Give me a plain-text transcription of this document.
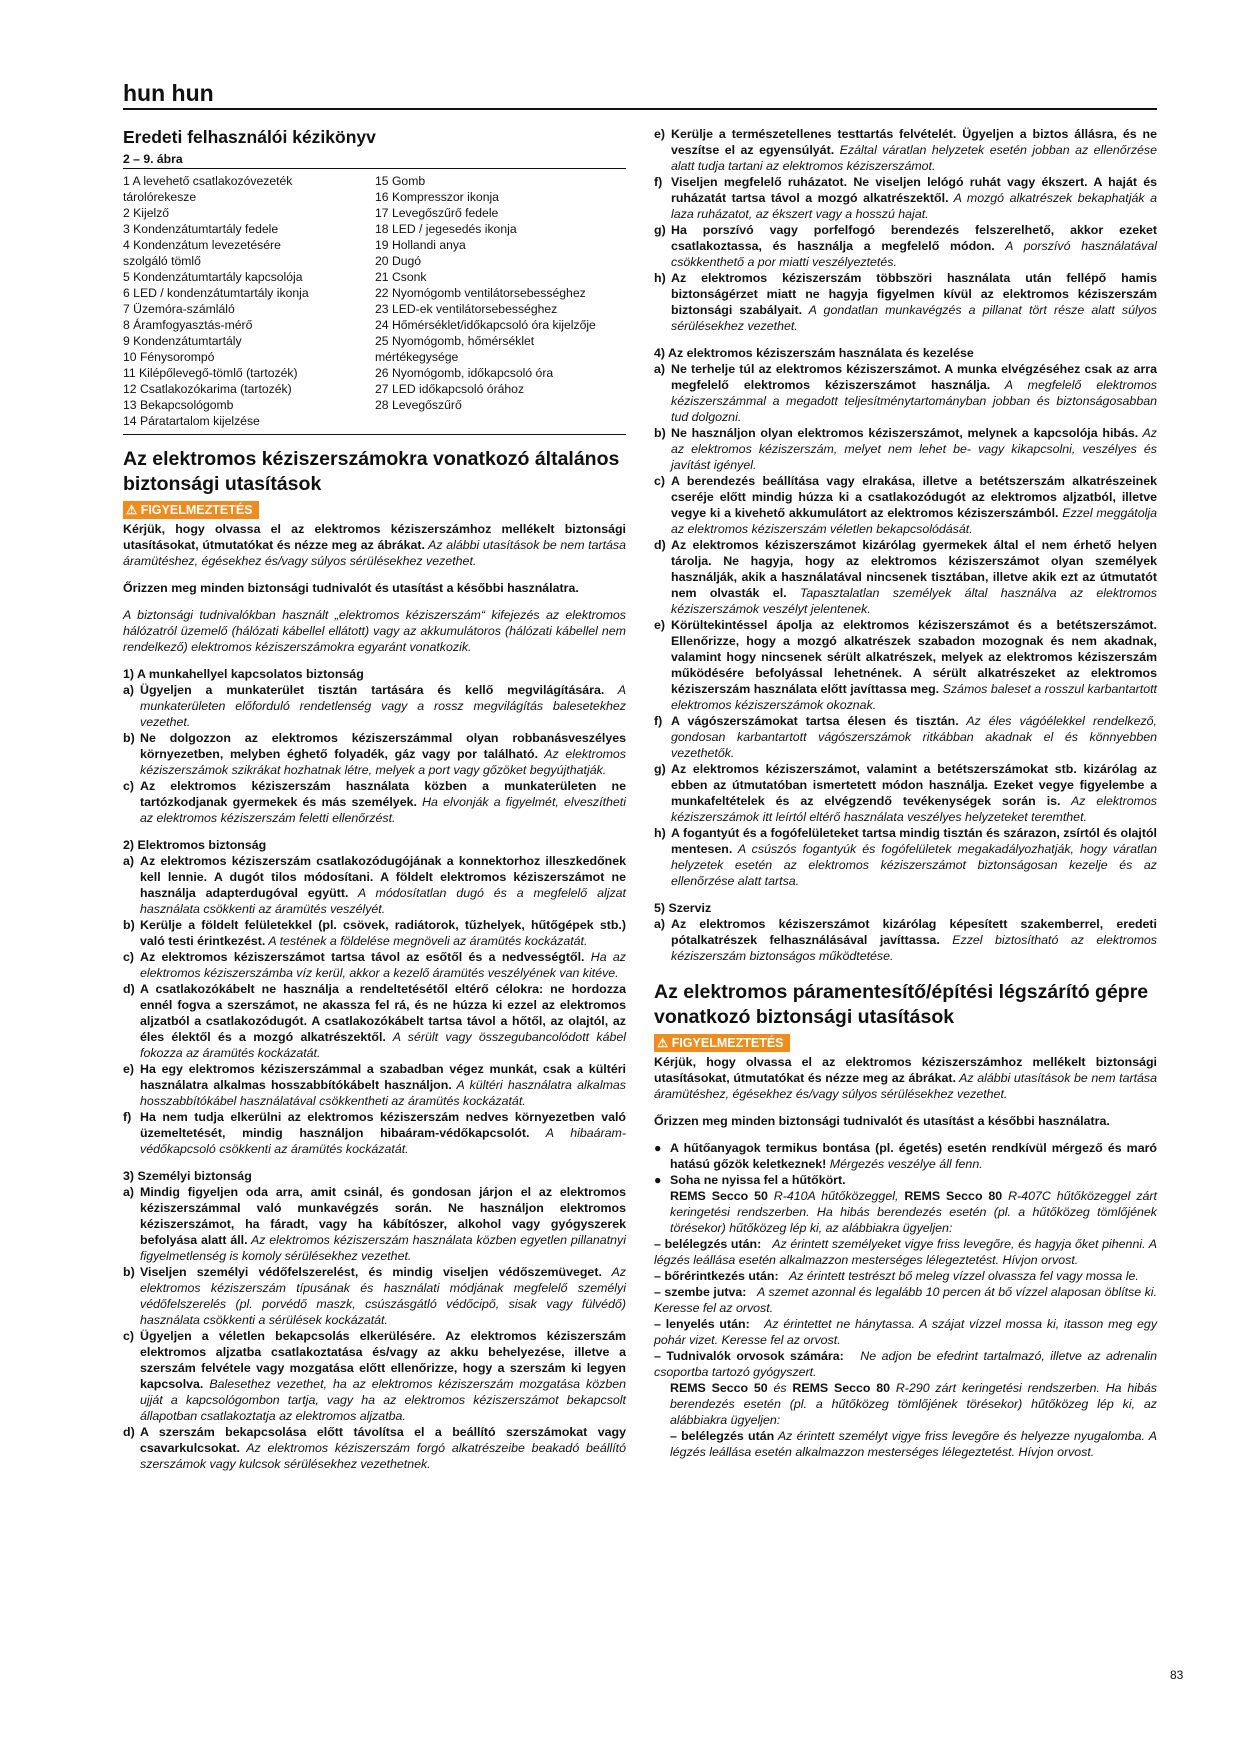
hun hun
Eredeti felhasználói kézikönyv
2 – 9. ábra
1 A levehető csatlakozóvezeték
tárolórekesze
2 Kijelző
3 Kondenzátumtartály fedele
4 Kondenzátum levezetésére
szolgáló tömlő
5 Kondenzátumtartály kapcsolója
6 LED / kondenzátumtartály ikonja
7 Üzemóra-számláló
8 Áramfogyasztás-mérő
9 Kondenzátumtartály
10 Fénysorompó
11 Kilépőlevegő-tömlő (tartozék)
12 Csatlakozókarima (tartozék)
13 Bekapcsológomb
14 Páratartalom kijelzése
15 Gomb
16 Kompresszor ikonja
17 Levegőszűrő fedele
18 LED / jegesedés ikonja
19 Hollandi anya
20 Dugó
21 Csonk
22 Nyomógomb ventilátorsebességhez
23 LED-ek ventilátorsebességhez
24 Hőmérséklet/időkapcsoló óra kijelzője
25 Nyomógomb, hőmérséklet
mértékegysége
26 Nyomógomb, időkapcsoló óra
27 LED időkapcsoló órához
28 Levegőszűrő
Az elektromos kéziszerszámokra vonatkozó általános biztonsági utasítások
⚠ FIGYELMEZTETÉS

Kérjük, hogy olvassa el az elektromos kéziszerszámhoz mellékelt biztonsági utasításokat, útmutatókat és nézze meg az ábrákat. Az alábbi utasítások be nem tartása áramütéshez, égésekhez és/vagy súlyos sérülésekhez vezethet.

Őrizzen meg minden biztonsági tudnivalót és utasítást a későbbi használatra.

A biztonsági tudnivalókban használt „elektromos kéziszerszám“ kifejezés az elektromos hálózatról üzemelő (hálózati kábellel ellátott) vagy az akkumulátoros (hálózati kábellel nem rendelkező) elektromos kéziszerszámokra egyaránt vonatkozik.

1) A munkahellyel kapcsolatos biztonság

a) Ügyeljen a munkaterület tisztán tartására és kellő megvilágítására. A munkaterületen előforduló rendetlenség vagy a rossz megvilágítás balesetekhez vezethet.

b) Ne dolgozzon az elektromos kéziszerszámmal olyan robbanásveszélyes környezetben, melyben éghető folyadék, gáz vagy por található. Az elektromos kéziszerszámok szikrákat hozhatnak létre, melyek a port vagy gőzöket begyújthatják.

c) Az elektromos kéziszerszám használata közben a munkaterületen ne tartózkodjanak gyermekek és más személyek. Ha elvonják a figyelmét, elveszítheti az elektromos kéziszerszám feletti ellenőrzést.

2) Elektromos biztonság

a) Az elektromos kéziszerszám csatlakozódugójának a konnektorhoz illeszkedőnek kell lennie. A dugót tilos módosítani. A földelt elektromos kéziszerszámot ne használja adapterdugóval együtt. A módosítatlan dugó és a megfelelő aljzat használata csökkenti az áramütés veszélyét.

b) Kerülje a földelt felületekkel (pl. csövek, radiátorok, tűzhelyek, hűtőgépek stb.) való testi érintkezést. A testének a földelése megnöveli az áramütés kockázatát.

c) Az elektromos kéziszerszámot tartsa távol az esőtől és a nedvességtől. Ha az elektromos kéziszerszámba víz kerül, akkor a kezelő áramütés veszélyének van kitéve.

d) A csatlakozókábelt ne használja a rendeltetésétől eltérő célokra: ne hordozza ennél fogva a szerszámot, ne akassza fel rá, és ne húzza ki ezzel az elektromos aljzatból a csatlakozódugót. A csatlakozókábelt tartsa távol a hőtől, az olajtól, az éles élektől és a mozgó alkatrészektől. A sérült vagy összegubancolódott kábel fokozza az áramütés kockázatát.

e) Ha egy elektromos kéziszerszámmal a szabadban végez munkát, csak a kültéri használatra alkalmas hosszabbítókábelt használjon. A kültéri használatra alkalmas hosszabbítókábel használatával csökkentheti az áramütés kockázatát.

f) Ha nem tudja elkerülni az elektromos kéziszerszám nedves környezetben való üzemeltetését, mindig használjon hibaáram-védőkapcsolót. A hibaáram-védőkapcsoló csökkenti az áramütés kockázatát.

3) Személyi biztonság

a) Mindig figyeljen oda arra, amit csinál, és gondosan járjon el az elektromos kéziszerszámmal való munkavégzés során. Ne használjon elektromos kéziszerszámot, ha fáradt, vagy ha kábítószer, alkohol vagy gyógyszerek befolyása alatt áll. Az elektromos kéziszerszám használata közben egyetlen pillanatnyi figyelmetlenség is komoly sérülésekhez vezethet.

b) Viseljen személyi védőfelszerelést, és mindig viseljen védőszemüveget. Az elektromos kéziszerszám típusának és használati módjának megfelelő személyi védőfelszerelés (pl. porvédő maszk, csúszásgátló védőcipő, sisak vagy fülvédő) használata csökkenti a sérülések kockázatát.

c) Ügyeljen a véletlen bekapcsolás elkerülésére. Az elektromos kéziszerszám elektromos aljzatba csatlakoztatása és/vagy az akku behelyezése, illetve a szerszám felvétele vagy mozgatása előtt ellenőrizze, hogy a szerszám ki legyen kapcsolva. Balesethez vezethet, ha az elektromos kéziszerszám mozgatása közben ujját a kapcsológombon tartja, vagy ha az elektromos kéziszerszámot bekapcsolt állapotban csatlakoztatja az elektromos aljzatba.

d) A szerszám bekapcsolása előtt távolítsa el a beállító szerszámokat vagy csavarkulcsokat. Az elektromos kéziszerszám forgó alkatrészeibe beakadó beállító szerszámok vagy kulcsok sérülésekhez vezethetnek.

e) Kerülje a természetellenes testtartás felvételét. Ügyeljen a biztos állásra, és ne veszítse el az egyensúlyát. Ezáltal váratlan helyzetek esetén jobban az ellenőrzése alatt tudja tartani az elektromos kéziszerszámot.

f) Viseljen megfelelő ruházatot. Ne viseljen lelógó ruhát vagy ékszert. A haját és ruházatát tartsa távol a mozgó alkatrészektől. A mozgó alkatrészek bekaphatják a laza ruházatot, az ékszert vagy a hosszú hajat.

g) Ha porszívó vagy porfelfogó berendezés felszerelhető, akkor ezeket csatlakoztassa, és használja a megfelelő módon. A porszívó használatával csökkenthető a por miatti veszélyeztetés.

h) Az elektromos kéziszerszám többszöri használata után fellépő hamis biztonságérzet miatt ne hagyja figyelmen kívül az elektromos kéziszerszám biztonsági szabályait. A gondatlan munkavégzés a pillanat tört része alatt súlyos sérülésekhez vezethet.

4) Az elektromos kéziszerszám használata és kezelése

a) Ne terhelje túl az elektromos kéziszerszámot. A munka elvégzéséhez csak az arra megfelelő elektromos kéziszerszámot használja. A megfelelő elektromos kéziszerszámmal a megadott teljesítménytartományban jobban és biztonságosabban tud dolgozni.

b) Ne használjon olyan elektromos kéziszerszámot, melynek a kapcsolója hibás. Az az elektromos kéziszerszám, melyet nem lehet be- vagy kikapcsolni, veszélyes és javítást igényel.

c) A berendezés beállítása vagy elrakása, illetve a betétszerszám alkatrészeinek cseréje előtt mindig húzza ki a csatlakozódugót az elektromos aljzatból, illetve vegye ki a kivehető akkumulátort az elektromos kéziszerszámból. Ezzel meggátolja az elektromos kéziszerszám véletlen bekapcsolódását.

d) Az elektromos kéziszerszámot kizárólag gyermekek által el nem érhető helyen tárolja. Ne hagyja, hogy az elektromos kéziszerszámot olyan személyek használják, akik a használatával nincsenek tisztában, illetve akik ezt az útmutatót nem olvasták el. Tapasztalatlan személyek által használva az elektromos kéziszerszámok veszélyt jelentenek.

e) Körültekintéssel ápolja az elektromos kéziszerszámot és a betétszerszámot. Ellenőrizze, hogy a mozgó alkatrészek szabadon mozognak és nem akadnak, valamint hogy nincsenek sérült alkatrészek, melyek az elektromos kéziszerszám működésére befolyással lehetnének. A sérült alkatrészeket az elektromos kéziszerszám használata előtt javíttassa meg. Számos baleset a rosszul karbantartott elektromos kéziszerszámok okoznak.

f) A vágószerszámokat tartsa élesen és tisztán. Az éles vágóélekkel rendelkező, gondosan karbantartott vágószerszámok ritkábban akadnak el és könnyebben vezethetők.

g) Az elektromos kéziszerszámot, valamint a betétszerszámokat stb. kizárólag az ebben az útmutatóban ismertetett módon használja. Ezeket vegye figyelembe a munkafeltételek és az elvégzendő tevékenységek során is. Az elektromos kéziszerszámok itt leírtól eltérő használata veszélyes helyzeteket teremthet.

h) A fogantyút és a fogófelületeket tartsa mindig tisztán és szárazon, zsírtól és olajtól mentesen. A csúszós fogantyúk és fogófelületek megakadályozhatják, hogy váratlan helyzetek esetén az elektromos kéziszerszámot biztonságosan kezelje és az ellenőrzése alatt tartsa.

5) Szerviz

a) Az elektromos kéziszerszámot kizárólag képesített szakemberrel, eredeti pótalkatrészek felhasználásával javíttassa. Ezzel biztosítható az elektromos kéziszerszám biztonságos működtetése.

Az elektromos páramentesítő/építési légszárító gépre vonatkozó biztonsági utasítások
⚠ FIGYELMEZTETÉS

Kérjük, hogy olvassa el az elektromos kéziszerszámhoz mellékelt biztonsági utasításokat, útmutatókat és nézze meg az ábrákat. Az alábbi utasítások be nem tartása áramütéshez, égésekhez és/vagy súlyos sérülésekhez vezethet.

Őrizzen meg minden biztonsági tudnivalót és utasítást a későbbi használatra.

● A hűtőanyagok termikus bontása (pl. égetés) esetén rendkívül mérgező és maró hatású gőzök keletkeznek! Mérgezés veszélye áll fenn.

● Soha ne nyissa fel a hűtőkört.

REMS Secco 50 R-410A hűtőközeggel, REMS Secco 80 R-407C hűtőközeggel zárt keringetési rendszerben. Ha hibás berendezés esetén (pl. a hűtőközeg tömlőjének törésekor) hűtőközeg lép ki, az alábbiakra ügyeljen:

– belélegzés után: Az érintett személyeket vigye friss levegőre, és hagyja őket pihenni. A légzés leállása esetén alkalmazzon mesterséges lélegeztetést. Hívjon orvost.

– bőrérintkezés után: Az érintett testrészt bő meleg vízzel olvassza fel vagy mossa le.

– szembe jutva: A szemet azonnal és legalább 10 percen át bő vízzel alaposan öblítse ki. Keresse fel az orvost.

– lenyelés után: Az érintettet ne hánytassa. A szájat vízzel mossa ki, itasson meg egy pohár vizet. Keresse fel az orvost.

– Tudnivalók orvosok számára: Ne adjon be efedrint tartalmazó, illetve az adrenalin csoportba tartozó gyógyszert.

REMS Secco 50 és REMS Secco 80 R-290 zárt keringetési rendszerben. Ha hibás berendezés esetén (pl. a hűtőközeg tömlőjének törésekor) hűtőközeg lép ki, az alábbiakra ügyeljen:

– belélegzés után Az érintett személyt vigye friss levegőre és helyezze nyugalomba. A légzés leállása esetén alkalmazzon mesterséges lélegeztetést. Hívjon orvost.

83
